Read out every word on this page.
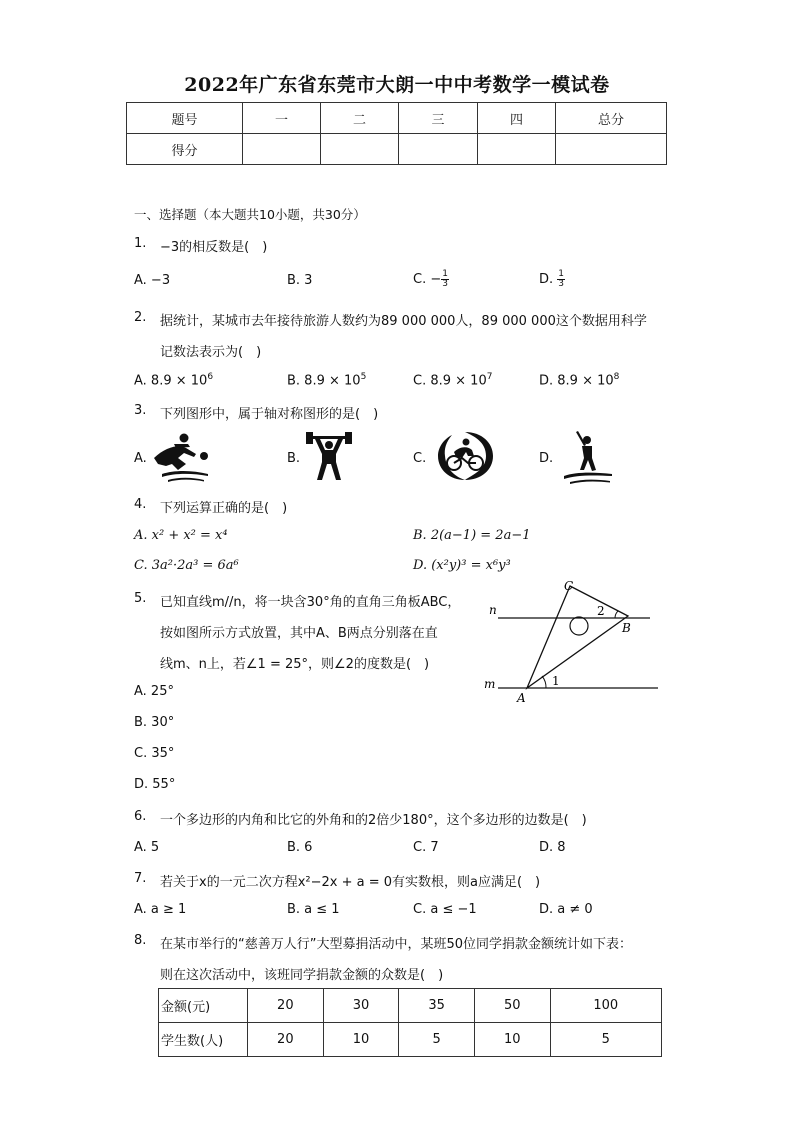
2022年广东省东莞市大朗一中中考数学一模试卷
题号	一	二	三	四	总分
得分					
一、选择题（本大题共10小题，共30分）
1. −3的相反数是(　)
A. −3	B. 3	C. − $\frac{1}{3}$	D. $\frac{1}{3}$
2. 据统计，某城市去年接待旅游人数约为89 000 000人，89 000 000这个数据用科学
记数法表示为(　)
A. $8.9 \times 10^6$	B. $8.9 \times 10^5$	C. $8.9 \times 10^7$	D. $8.9 \times 10^8$
3. 下列图形中，属于轴对称图形的是(　)
A.	B.	C.	D.
4. 下列运算正确的是(　)
A. x² + x² = x⁴	B. 2(a−1) = 2a−1
C. 3a²·2a³ = 6a⁶	D. (x²y)³ = x⁶y³
5. 已知直线m//n，将一块含30°角的直角三角板ABC，
按如图所示方式放置，其中A、B两点分别落在直
线m、n上，若∠1 = 25°，则∠2的度数是(　)
A. 25°
B. 30°
C. 35°
D. 55°
n
m
C
B
A
1
2
6. 一个多边形的内角和比它的外角和的2倍少180°，这个多边形的边数是(　)
A. 5	B. 6	C. 7	D. 8
7. 若关于x的一元二次方程x²−2x + a = 0有实数根，则a应满足(　)
A. a ≥ 1	B. a ≤ 1	C. a ≤ −1	D. a ≠ 0
8. 在某市举行的“慈善万人行”大型募捐活动中，某班50位同学捐款金额统计如下表：
则在这次活动中，该班同学捐款金额的众数是(　)
金额(元)	20	30	35	50	100
学生数(人)	20	10	5	10	5
